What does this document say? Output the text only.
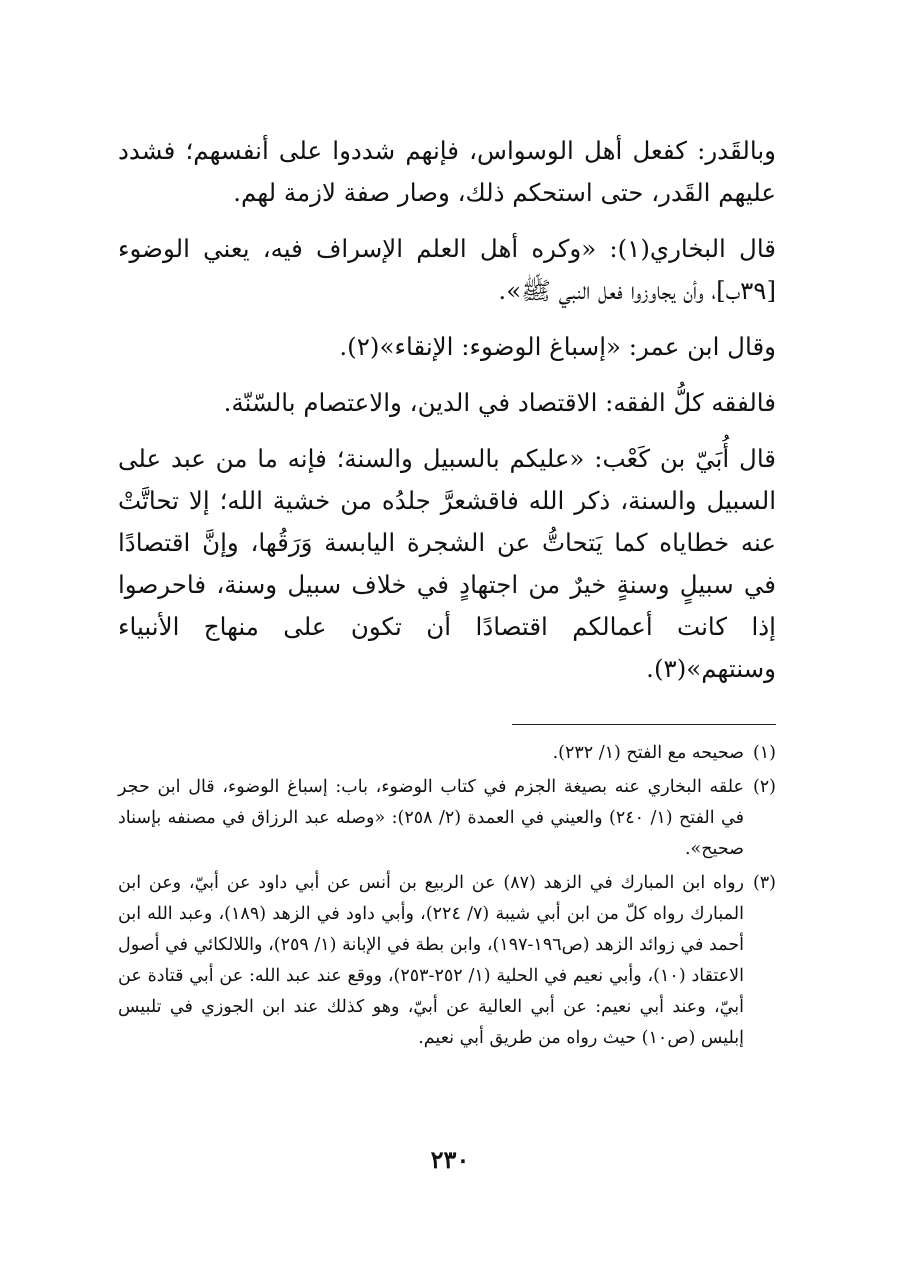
وبالقَدر: كفعل أهل الوسواس، فإنهم شددوا على أنفسهم؛ فشدد عليهم القَدر، حتى استحكم ذلك، وصار صفة لازمة لهم.

قال البخاري(١): «وكره أهل العلم الإسراف فيه، يعني الوضوء [٣٩ب]، وأن يجاوزوا فعل النبي ﷺ».

وقال ابن عمر: «إسباغ الوضوء: الإنقاء»(٢).

فالفقه كلُّ الفقه: الاقتصاد في الدين، والاعتصام بالسّنّة.

قال أُبَيّ بن كَعْب: «عليكم بالسبيل والسنة؛ فإنه ما من عبد على السبيل والسنة، ذكر الله فاقشعرَّ جلدُه من خشية الله؛ إلا تحاتَّتْ عنه خطاياه كما يَتحاتُّ عن الشجرة اليابسة وَرَقُها، وإنَّ اقتصادًا في سبيلٍ وسنةٍ خيرٌ من اجتهادٍ في خلاف سبيل وسنة، فاحرصوا إذا كانت أعمالكم اقتصادًا أن تكون على منهاج الأنبياء وسنتهم»(٣).

(١)
صحيحه مع الفتح (١/ ٢٣٢).
(٢)
علقه البخاري عنه بصيغة الجزم في كتاب الوضوء، باب: إسباغ الوضوء، قال ابن حجر في الفتح (١/ ٢٤٠) والعيني في العمدة (٢/ ٢٥٨): «وصله عبد الرزاق في مصنفه بإسناد صحيح».
(٣)
رواه ابن المبارك في الزهد (٨٧) عن الربيع بن أنس عن أبي داود عن أبيّ، وعن ابن المبارك رواه كلّ من ابن أبي شيبة (٧/ ٢٢٤)، وأبي داود في الزهد (١٨٩)، وعبد الله ابن أحمد في زوائد الزهد (ص١٩٦-١٩٧)، وابن بطة في الإبانة (١/ ٢٥٩)، واللالكائي في أصول الاعتقاد (١٠)، وأبي نعيم في الحلية (١/ ٢٥٢-٢٥٣)، ووقع عند عبد الله: عن أبي قتادة عن أبيّ، وعند أبي نعيم: عن أبي العالية عن أبيّ، وهو كذلك عند ابن الجوزي في تلبيس إبليس (ص١٠) حيث رواه من طريق أبي نعيم.
٢٣٠
